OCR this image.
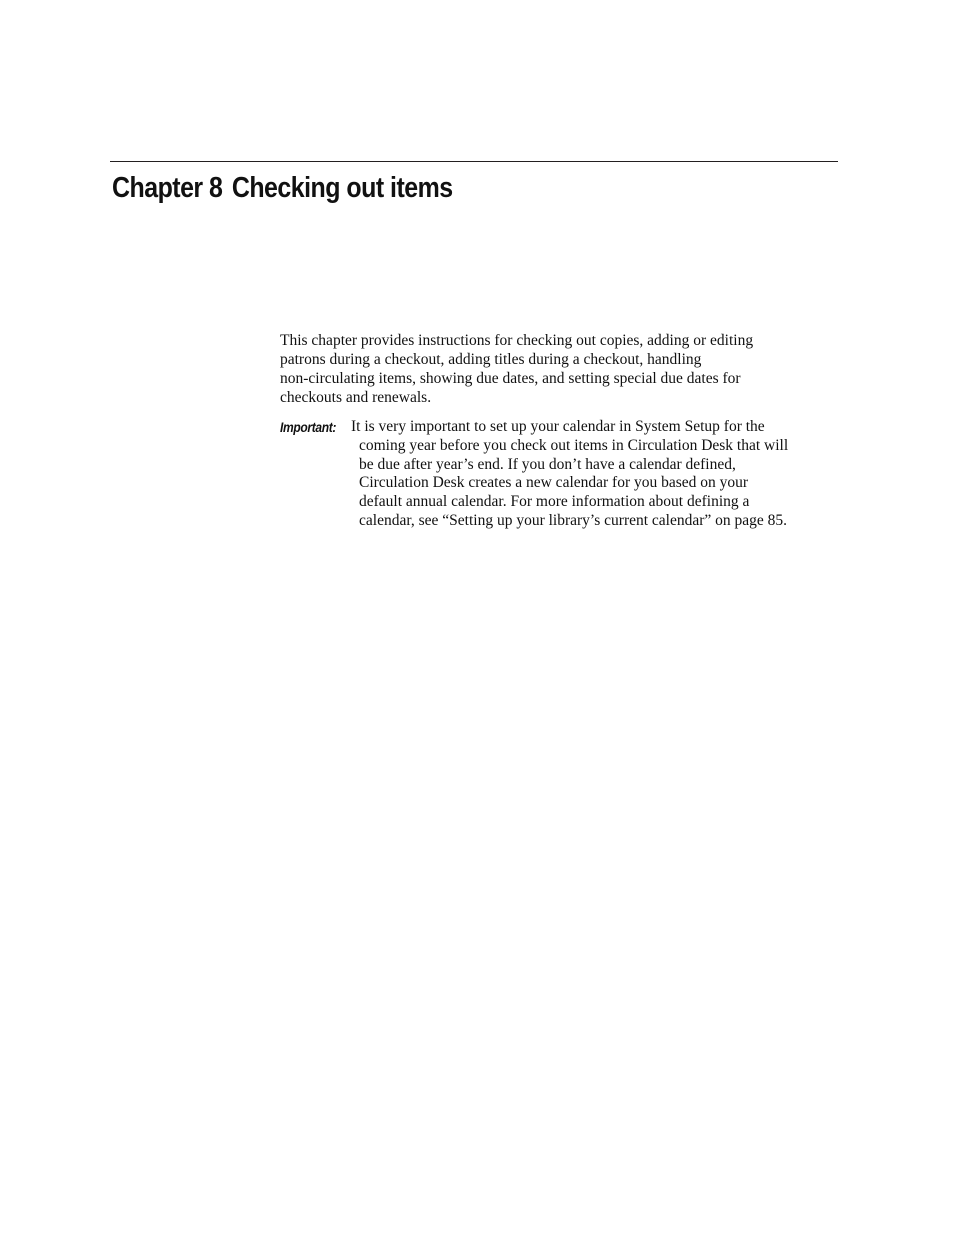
Chapter 8 Checking out items

This chapter provides instructions for checking out copies, adding or editing
patrons during a checkout, adding titles during a checkout, handling
non-circulating items, showing due dates, and setting special due dates for
checkouts and renewals.

Important: It is very important to set up your calendar in System Setup for the
coming year before you check out items in Circulation Desk that will
be due after year’s end. If you don’t have a calendar defined,
Circulation Desk creates a new calendar for you based on your
default annual calendar. For more information about defining a
calendar, see “Setting up your library’s current calendar” on page 85.
